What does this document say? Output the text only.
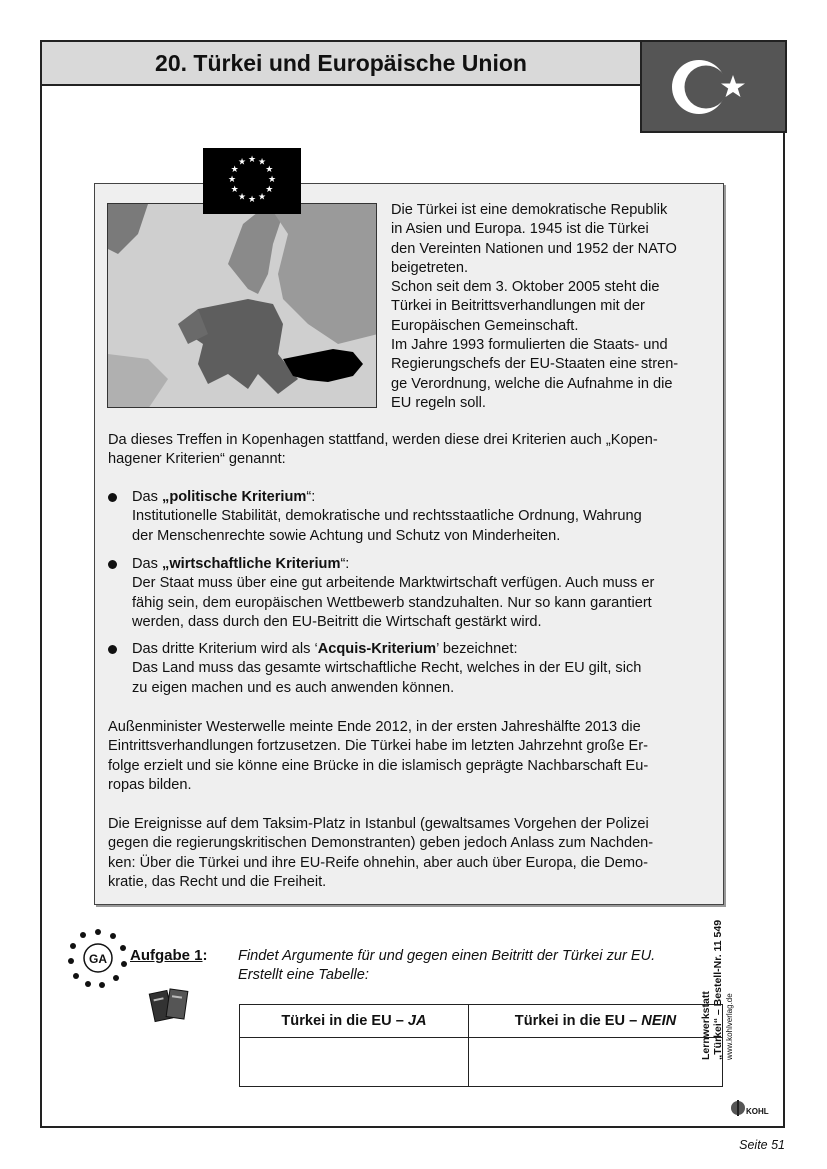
20. Türkei und Europäische Union
★ ★
★
★
★
★
★
★
★
★
★
★
Die Türkei ist eine demokratische Republik
in Asien und Europa. 1945 ist die Türkei
den Vereinten Nationen und 1952 der NATO
beigetreten.
Schon seit dem 3. Oktober 2005 steht die
Türkei in Beitrittsverhandlungen mit der
Europäischen Gemeinschaft.
Im Jahre 1993 formulierten die Staats- und
Regierungschefs der EU-Staaten eine stren-
ge Verordnung, welche die Aufnahme in die
EU regeln soll.
Da dieses Treffen in Kopenhagen stattfand, werden diese drei Kriterien auch „Kopen-
hagener Kriterien“ genannt:
Das „politische Kriterium“:
Institutionelle Stabilität, demokratische und rechtsstaatliche Ordnung, Wahrung
der Menschenrechte sowie Achtung und Schutz von Minderheiten.
Das „wirtschaftliche Kriterium“:
Der Staat muss über eine gut arbeitende Marktwirtschaft verfügen. Auch muss er
fähig sein, dem europäischen Wettbewerb standzuhalten. Nur so kann garantiert
werden, dass durch den EU-Beitritt die Wirtschaft gestärkt wird.
Das dritte Kriterium wird als ‘Acquis-Kriterium’ bezeichnet:
Das Land muss das gesamte wirtschaftliche Recht, welches in der EU gilt, sich
zu eigen machen und es auch anwenden können.
Außenminister Westerwelle meinte Ende 2012, in der ersten Jahreshälfte 2013 die
Eintrittsverhandlungen fortzusetzen. Die Türkei habe im letzten Jahrzehnt große Er-
folge erzielt und sie könne eine Brücke in die islamisch geprägte Nachbarschaft Eu-
ropas bilden.
Die Ereignisse auf dem Taksim-Platz in Istanbul (gewaltsames Vorgehen der Polizei
gegen die regierungskritischen Demonstranten) geben jedoch Anlass zum Nachden-
ken: Über die Türkei und ihre EU-Reife ohnehin, aber auch über Europa, die Demo-
kratie, das Recht und die Freiheit.
GA Aufgabe 1: Findet Argumente für und gegen einen Beitritt der Türkei zur EU.
Erstellt eine Tabelle:
Türkei in die EU – JA	Türkei in die EU – NEIN
	Lernwerkstatt „Türkei“ – Bestell-Nr. 11 549 www.kohlverlag.de
KOHL
Seite 51
